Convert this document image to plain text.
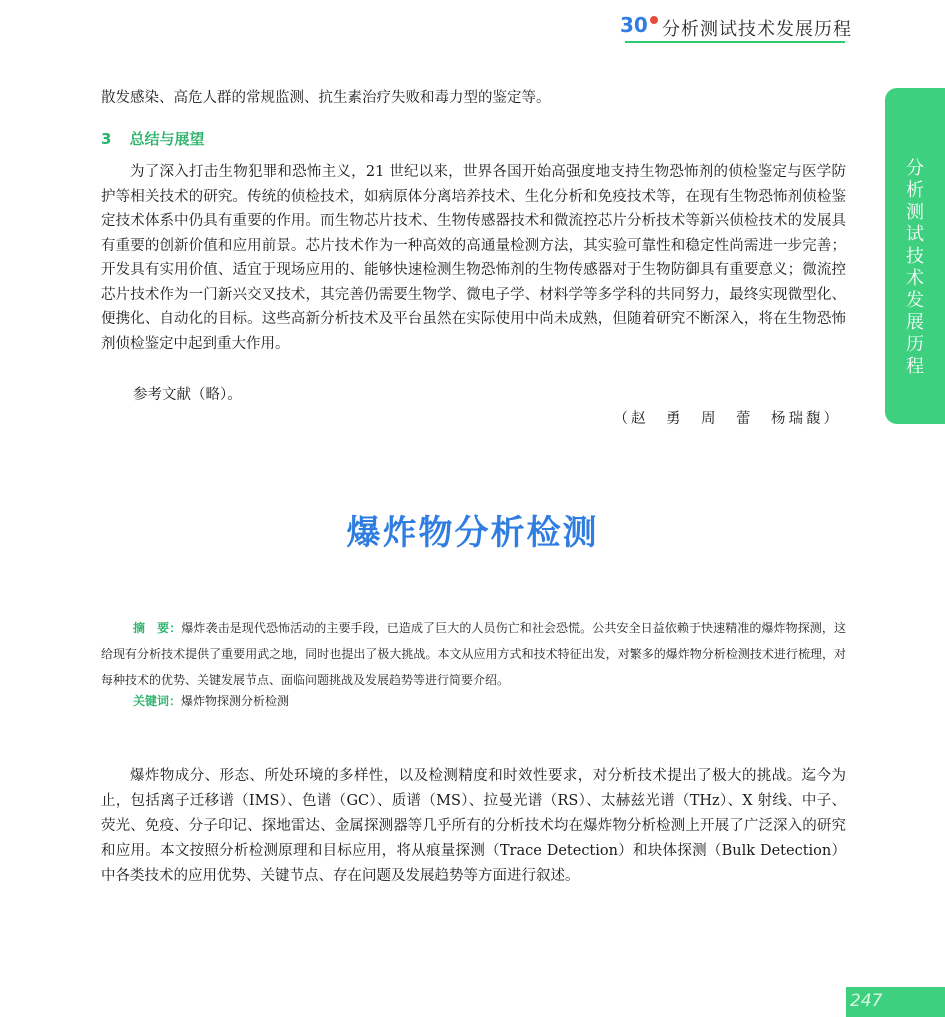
30 分析测试技术发展历程
分
析
测
试
技
术
发
展
历
程
散发感染、高危人群的常规监测、抗生素治疗失败和毒力型的鉴定等。
3 总结与展望
为了深入打击生物犯罪和恐怖主义，21 世纪以来，世界各国开始高强度地支持生物恐怖剂的侦检鉴定与医学防护等相关技术的研究。传统的侦检技术，如病原体分离培养技术、生化分析和免疫技术等，在现有生物恐怖剂侦检鉴定技术体系中仍具有重要的作用。而生物芯片技术、生物传感器技术和微流控芯片分析技术等新兴侦检技术的发展具有重要的创新价值和应用前景。芯片技术作为一种高效的高通量检测方法，其实验可靠性和稳定性尚需进一步完善；开发具有实用价值、适宜于现场应用的、能够快速检测生物恐怖剂的生物传感器对于生物防御具有重要意义；微流控芯片技术作为一门新兴交叉技术，其完善仍需要生物学、微电子学、材料学等多学科的共同努力，最终实现微型化、便携化、自动化的目标。这些高新分析技术及平台虽然在实际使用中尚未成熟，但随着研究不断深入，将在生物恐怖剂侦检鉴定中起到重大作用。
参考文献（略）。
（赵　勇　周　蕾　杨瑞馥）
爆炸物分析检测
摘　要：爆炸袭击是现代恐怖活动的主要手段，已造成了巨大的人员伤亡和社会恐慌。公共安全日益依赖于快速精准的爆炸物探测，这给现有分析技术提供了重要用武之地，同时也提出了极大挑战。本文从应用方式和技术特征出发，对繁多的爆炸物分析检测技术进行梳理，对每种技术的优势、关键发展节点、面临问题挑战及发展趋势等进行简要介绍。
关键词：爆炸物探测分析检测
爆炸物成分、形态、所处环境的多样性，以及检测精度和时效性要求，对分析技术提出了极大的挑战。迄今为止，包括离子迁移谱（IMS）、色谱（GC）、质谱（MS）、拉曼光谱（RS）、太赫兹光谱（THz）、X 射线、中子、荧光、免疫、分子印记、探地雷达、金属探测器等几乎所有的分析技术均在爆炸物分析检测上开展了广泛深入的研究和应用。本文按照分析检测原理和目标应用，将从痕量探测（Trace Detection）和块体探测（Bulk Detection）中各类技术的应用优势、关键节点、存在问题及发展趋势等方面进行叙述。
247
